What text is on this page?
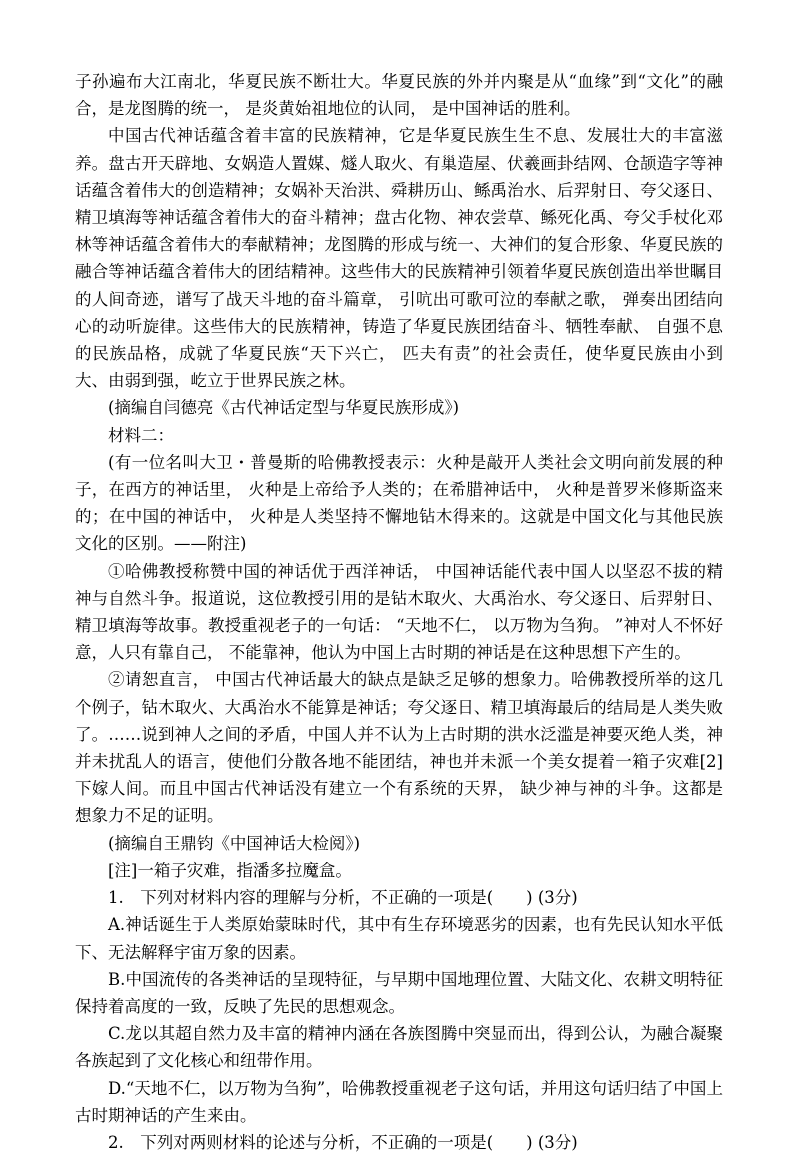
子孙遍布大江南北，华夏民族不断壮大。华夏民族的外并内聚是从“血缘”到“文化”的融合，是龙图腾的统一， 是炎黄始祖地位的认同， 是中国神话的胜利。

中国古代神话蕴含着丰富的民族精神，它是华夏民族生生不息、发展壮大的丰富滋养。盘古开天辟地、女娲造人置媒、燧人取火、有巢造屋、伏羲画卦结网、仓颉造字等神话蕴含着伟大的创造精神；女娲补天治洪、舜耕历山、鲧禹治水、后羿射日、夸父逐日、精卫填海等神话蕴含着伟大的奋斗精神；盘古化物、神农尝草、鲧死化禹、夸父手杖化邓林等神话蕴含着伟大的奉献精神；龙图腾的形成与统一、大神们的复合形象、华夏民族的融合等神话蕴含着伟大的团结精神。这些伟大的民族精神引领着华夏民族创造出举世瞩目的人间奇迹，谱写了战天斗地的奋斗篇章， 引吭出可歌可泣的奉献之歌， 弹奏出团结向心的动听旋律。这些伟大的民族精神，铸造了华夏民族团结奋斗、牺牲奉献、 自强不息的民族品格，成就了华夏民族“天下兴亡， 匹夫有责”的社会责任，使华夏民族由小到大、由弱到强，屹立于世界民族之林。

(摘编自闫德亮《古代神话定型与华夏民族形成》)

材料二：

(有一位名叫大卫・普曼斯的哈佛教授表示：火种是敲开人类社会文明向前发展的种子，在西方的神话里， 火种是上帝给予人类的；在希腊神话中， 火种是普罗米修斯盗来的；在中国的神话中， 火种是人类坚持不懈地钻木得来的。这就是中国文化与其他民族文化的区别。——附注)

①哈佛教授称赞中国的神话优于西洋神话， 中国神话能代表中国人以坚忍不拔的精神与自然斗争。报道说，这位教授引用的是钻木取火、大禹治水、夸父逐日、后羿射日、精卫填海等故事。教授重视老子的一句话： “天地不仁， 以万物为刍狗。 ”神对人不怀好意，人只有靠自己， 不能靠神，他认为中国上古时期的神话是在这种思想下产生的。

②请恕直言， 中国古代神话最大的缺点是缺乏足够的想象力。哈佛教授所举的这几个例子，钻木取火、大禹治水不能算是神话；夸父逐日、精卫填海最后的结局是人类失败了。……说到神人之间的矛盾，中国人并不认为上古时期的洪水泛滥是神要灭绝人类，神并未扰乱人的语言，使他们分散各地不能团结，神也并未派一个美女提着一箱子灾难[2]下嫁人间。而且中国古代神话没有建立一个有系统的天界， 缺少神与神的斗争。这都是想象力不足的证明。

(摘编自王鼎钧《中国神话大检阅》)

[注]一箱子灾难，指潘多拉魔盒。

1.　下列对材料内容的理解与分析，不正确的一项是(　　) (3分)

A.神话诞生于人类原始蒙昧时代，其中有生存环境恶劣的因素，也有先民认知水平低下、无法解释宇宙万象的因素。

B.中国流传的各类神话的呈现特征，与早期中国地理位置、大陆文化、农耕文明特征保持着高度的一致，反映了先民的思想观念。

C.龙以其超自然力及丰富的精神内涵在各族图腾中突显而出，得到公认，为融合凝聚各族起到了文化核心和纽带作用。

D.“天地不仁，以万物为刍狗”，哈佛教授重视老子这句话，并用这句话归结了中国上古时期神话的产生来由。

2.　下列对两则材料的论述与分析，不正确的一项是(　　) (3分)
